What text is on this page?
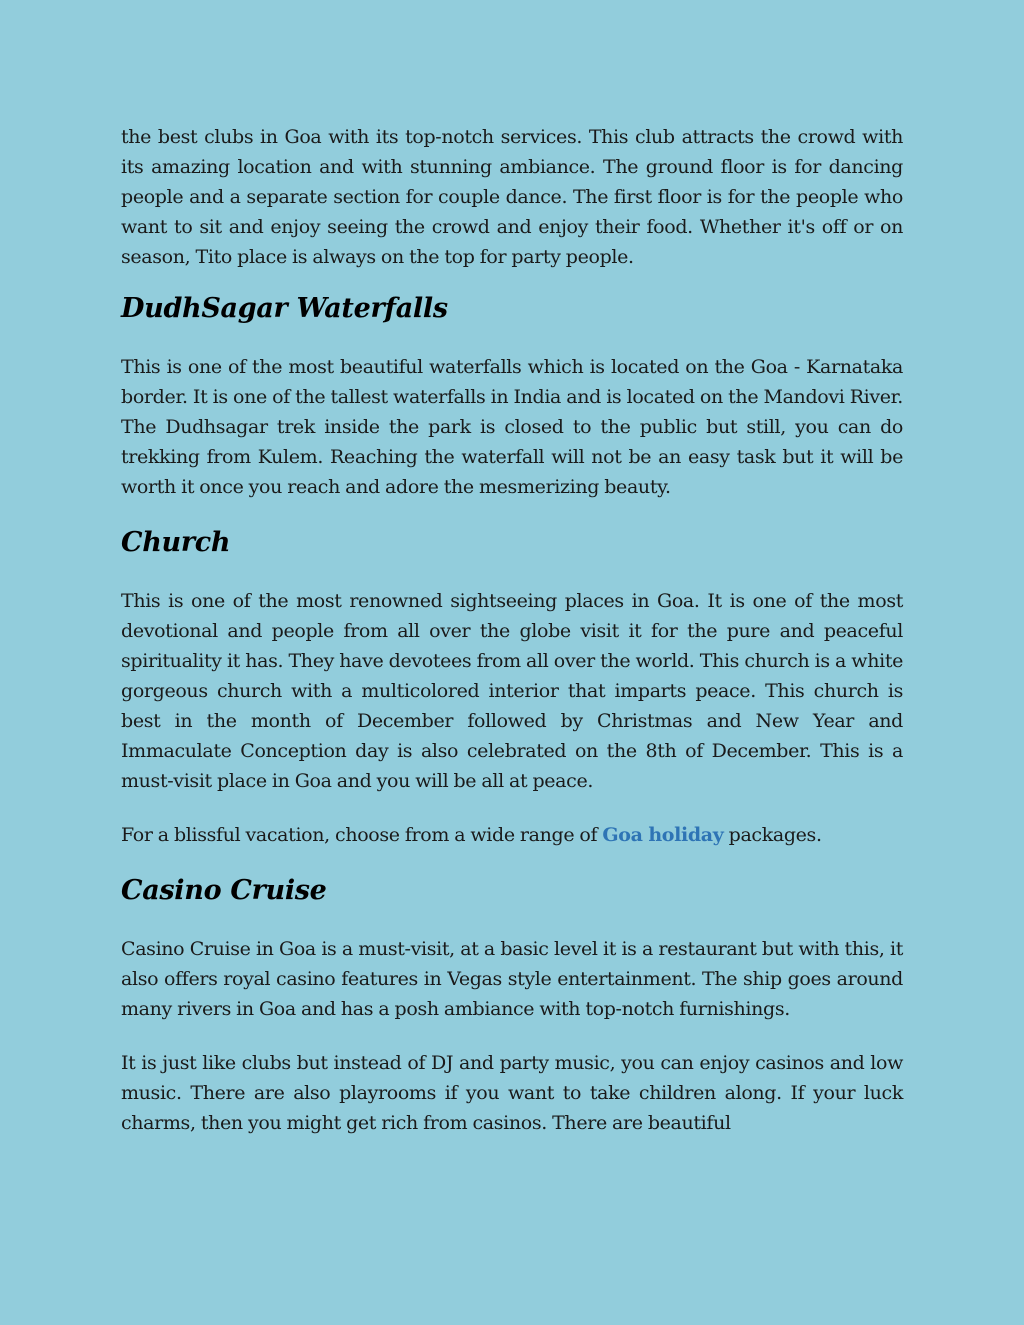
the best clubs in Goa with its top-notch services. This club attracts the crowd with its amazing location and with stunning ambiance. The ground floor is for dancing people and a separate section for couple dance. The first floor is for the people who want to sit and enjoy seeing the crowd and enjoy their food. Whether it's off or on season, Tito place is always on the top for party people.

DudhSagar Waterfalls

This is one of the most beautiful waterfalls which is located on the Goa - Karnataka border. It is one of the tallest waterfalls in India and is located on the Mandovi River. The Dudhsagar trek inside the park is closed to the public but still, you can do trekking from Kulem. Reaching the waterfall will not be an easy task but it will be worth it once you reach and adore the mesmerizing beauty.

Church

This is one of the most renowned sightseeing places in Goa. It is one of the most devotional and people from all over the globe visit it for the pure and peaceful spirituality it has. They have devotees from all over the world. This church is a white gorgeous church with a multicolored interior that imparts peace. This church is best in the month of December followed by Christmas and New Year and Immaculate Conception day is also celebrated on the 8th of December. This is a must-visit place in Goa and you will be all at peace.

For a blissful vacation, choose from a wide range of Goa holiday packages.

Casino Cruise

Casino Cruise in Goa is a must-visit, at a basic level it is a restaurant but with this, it also offers royal casino features in Vegas style entertainment. The ship goes around many rivers in Goa and has a posh ambiance with top-notch furnishings.

It is just like clubs but instead of DJ and party music, you can enjoy casinos and low music. There are also playrooms if you want to take children along. If your luck charms, then you might get rich from casinos. There are beautiful
